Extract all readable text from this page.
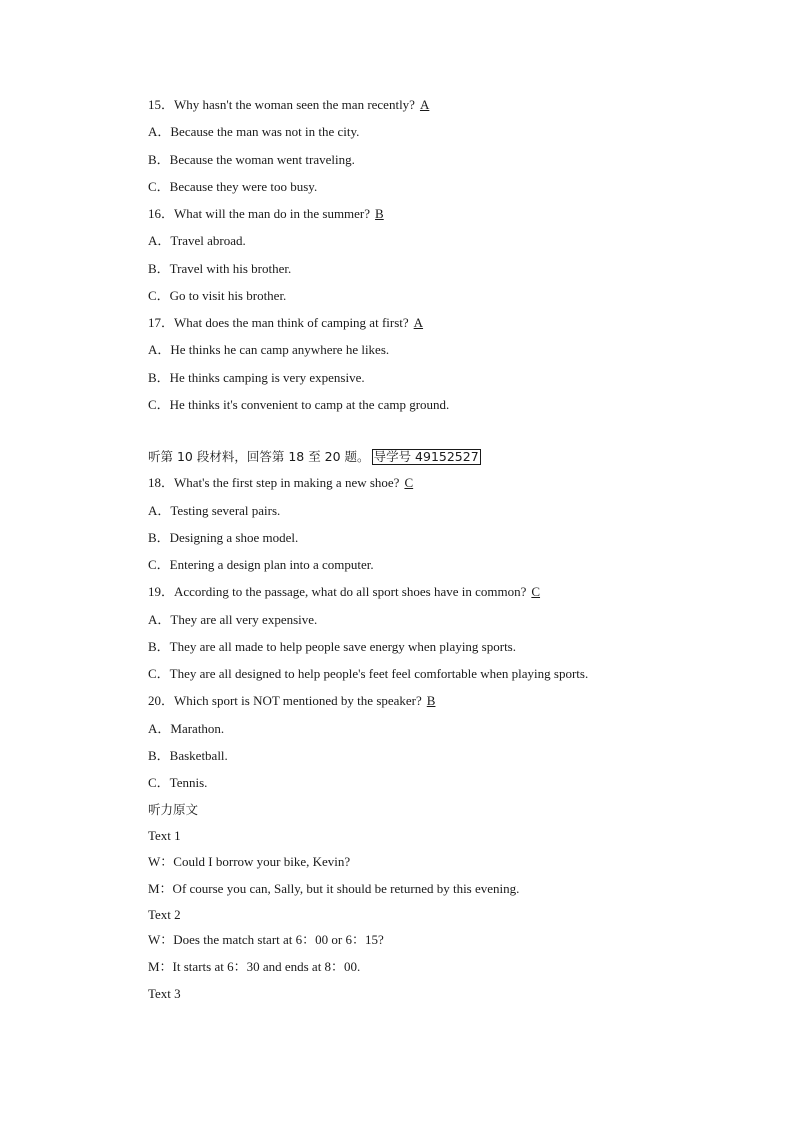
15．Why hasn't the woman seen the man recently? A
A．Because the man was not in the city.
B．Because the woman went traveling.
C．Because they were too busy.
16．What will the man do in the summer? B
A．Travel abroad.
B．Travel with his brother.
C．Go to visit his brother.
17．What does the man think of camping at first? A
A．He thinks he can camp anywhere he likes.
B．He thinks camping is very expensive.
C．He thinks it's convenient to camp at the camp ground.
听第 10 段材料，回答第 18 至 20 题。 导学号 49152527
18．What's the first step in making a new shoe? C
A．Testing several pairs.
B．Designing a shoe model.
C．Entering a design plan into a computer.
19．According to the passage, what do all sport shoes have in common? C
A．They are all very expensive.
B．They are all made to help people save energy when playing sports.
C．They are all designed to help people's feet feel comfortable when playing sports.
20．Which sport is NOT mentioned by the speaker? B
A．Marathon.
B．Basketball.
C．Tennis.
听力原文
Text 1
W：Could I borrow your bike, Kevin?
M：Of course you can, Sally, but it should be returned by this evening.
Text 2
W：Does the match start at 6：00 or 6：15?
M：It starts at 6：30 and ends at 8：00.
Text 3
